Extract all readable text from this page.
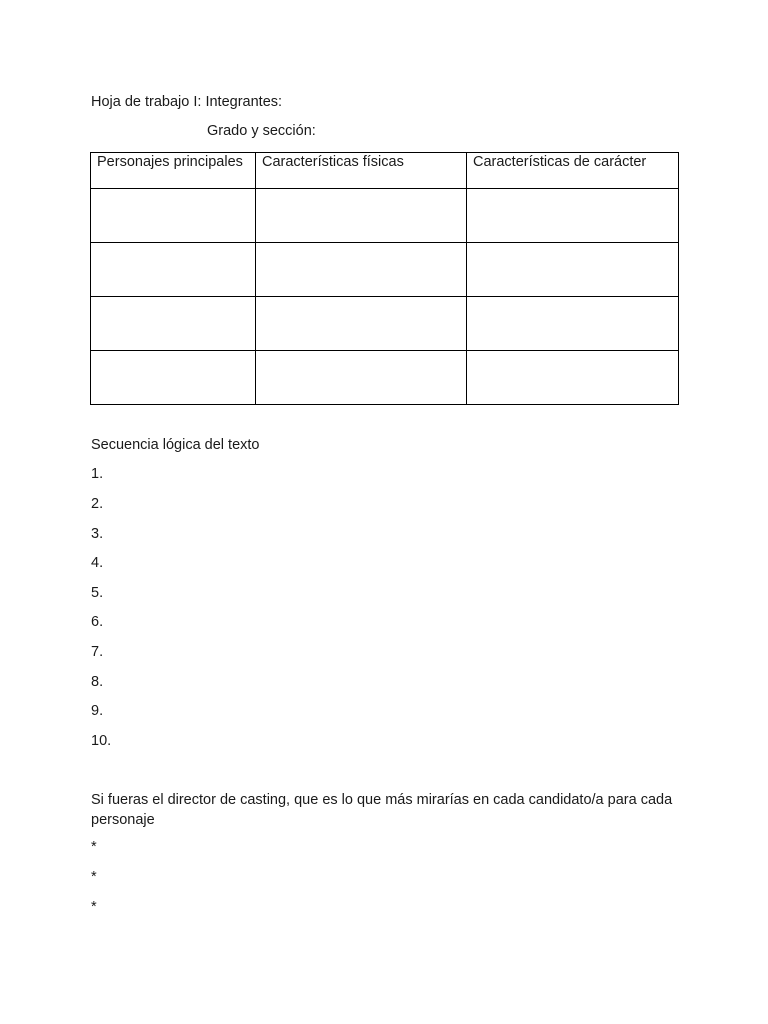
Hoja de trabajo I: Integrantes:
Grado y sección:
Personajes principales	Características físicas	Características de carácter

Secuencia lógica del texto
1.
2.
3.
4.
5.
6.
7.
8.
9.
10.
Si fueras el director de casting, que es lo que más mirarías en cada candidato/a para cada personaje
*
*
*
